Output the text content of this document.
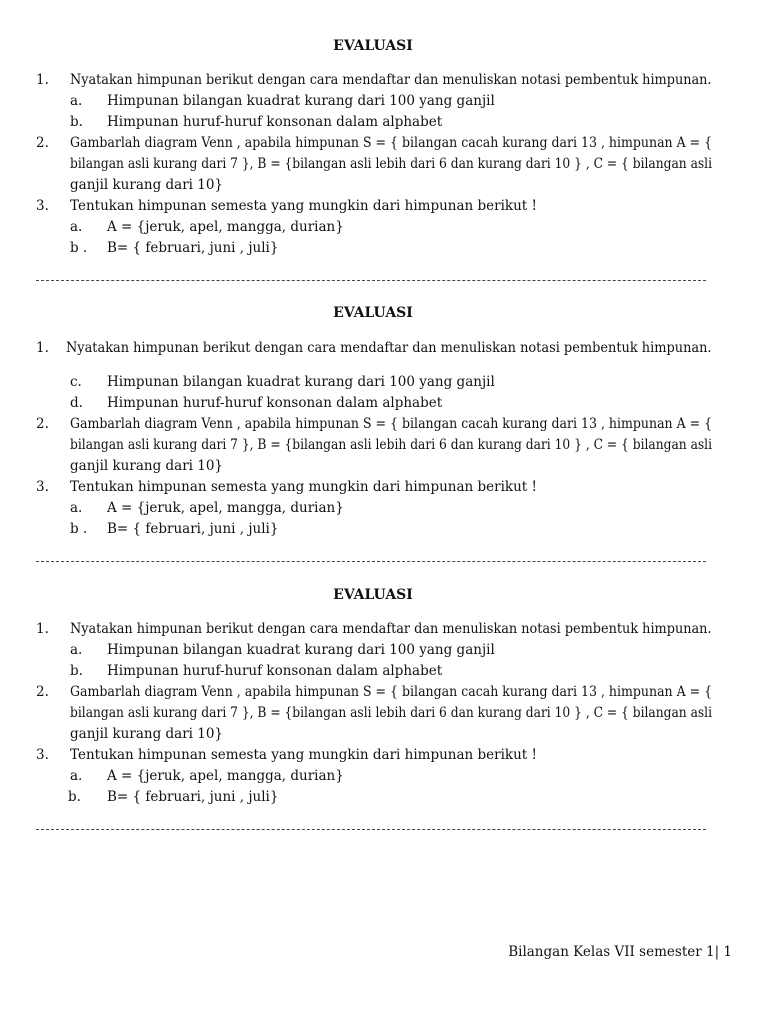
EVALUASI
1. Nyatakan himpunan berikut dengan cara mendaftar dan menuliskan notasi pembentuk himpunan.
a. Himpunan bilangan kuadrat kurang dari 100 yang ganjil
b. Himpunan huruf-huruf konsonan dalam alphabet
2. Gambarlah diagram Venn , apabila himpunan S = { bilangan cacah kurang dari 13 , himpunan A = {
bilangan asli kurang dari 7 }, B = {bilangan asli lebih dari 6 dan kurang dari 10 } , C = { bilangan asli
ganjil kurang dari 10}
3. Tentukan himpunan semesta yang mungkin dari himpunan berikut !
a. A = {jeruk, apel, mangga, durian}
b . B= { februari, juni , juli}
EVALUASI
1. Nyatakan himpunan berikut dengan cara mendaftar dan menuliskan notasi pembentuk himpunan.
c. Himpunan bilangan kuadrat kurang dari 100 yang ganjil
d. Himpunan huruf-huruf konsonan dalam alphabet
2. Gambarlah diagram Venn , apabila himpunan S = { bilangan cacah kurang dari 13 , himpunan A = {
bilangan asli kurang dari 7 }, B = {bilangan asli lebih dari 6 dan kurang dari 10 } , C = { bilangan asli
ganjil kurang dari 10}
3. Tentukan himpunan semesta yang mungkin dari himpunan berikut !
a. A = {jeruk, apel, mangga, durian}
b . B= { februari, juni , juli}
EVALUASI
1. Nyatakan himpunan berikut dengan cara mendaftar dan menuliskan notasi pembentuk himpunan.
a. Himpunan bilangan kuadrat kurang dari 100 yang ganjil
b. Himpunan huruf-huruf konsonan dalam alphabet
2. Gambarlah diagram Venn , apabila himpunan S = { bilangan cacah kurang dari 13 , himpunan A = {
bilangan asli kurang dari 7 }, B = {bilangan asli lebih dari 6 dan kurang dari 10 } , C = { bilangan asli
ganjil kurang dari 10}
3. Tentukan himpunan semesta yang mungkin dari himpunan berikut !
a. A = {jeruk, apel, mangga, durian}
b. B= { februari, juni , juli}
Bilangan Kelas VII semester 1| 1
